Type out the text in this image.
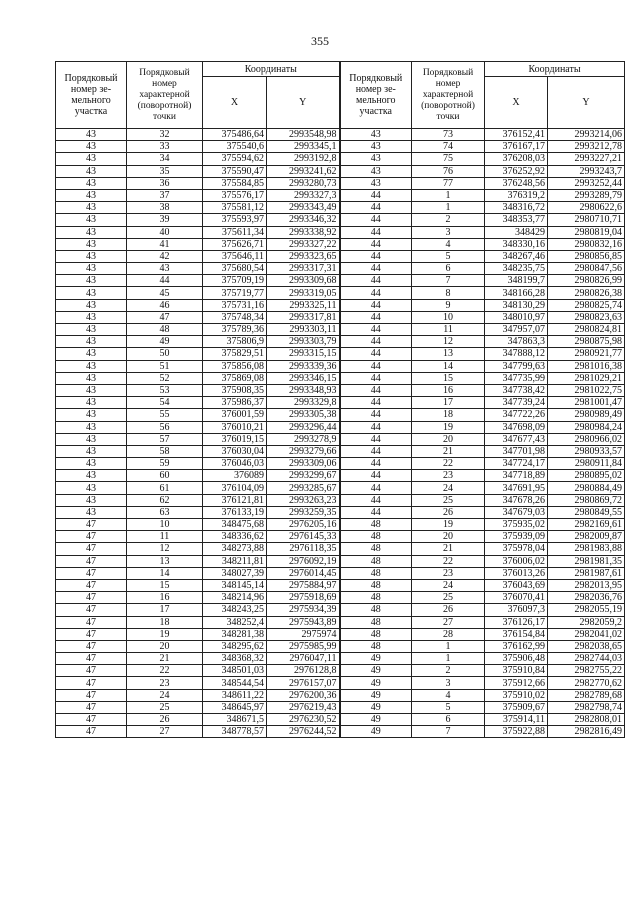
355
Порядковый
номер зе-
мельного
участка	Порядковый
номер
характерной
(поворотной)
точки	Координаты		Порядковый
номер зе-
мельного
участка	Порядковый
номер
характерной
(поворотной)
точки	Координаты	
		X	Y			X	Y
43	32	375486,64	2993548,98	43	73	376152,41	2993214,06
43	33	375540,6	2993345,1	43	74	376167,17	2993212,78
43	34	375594,62	2993192,8	43	75	376208,03	2993227,21
43	35	375590,47	2993241,62	43	76	376252,92	2993243,7
43	36	375584,85	2993280,73	43	77	376248,56	2993252,44
43	37	375576,17	2993327,3	44	1	376319,2	2993289,79
43	38	375581,12	2993343,49	44	1	348316,72	2980622,6
43	39	375593,97	2993346,32	44	2	348353,77	2980710,71
43	40	375611,34	2993338,92	44	3	348429	2980819,04
43	41	375626,71	2993327,22	44	4	348330,16	2980832,16
43	42	375646,11	2993323,65	44	5	348267,46	2980856,85
43	43	375680,54	2993317,31	44	6	348235,75	2980847,56
43	44	375709,19	2993309,68	44	7	348199,7	2980826,99
43	45	375719,77	2993319,05	44	8	348166,28	2980826,38
43	46	375731,16	2993325,11	44	9	348130,29	2980825,74
43	47	375748,34	2993317,81	44	10	348010,97	2980823,63
43	48	375789,36	2993303,11	44	11	347957,07	2980824,81
43	49	375806,9	2993303,79	44	12	347863,3	2980875,98
43	50	375829,51	2993315,15	44	13	347888,12	2980921,77
43	51	375856,08	2993339,36	44	14	347799,63	2981016,38
43	52	375869,08	2993346,15	44	15	347735,99	2981029,21
43	53	375908,35	2993348,93	44	16	347738,42	2981022,75
43	54	375986,37	2993329,8	44	17	347739,24	2981001,47
43	55	376001,59	2993305,38	44	18	347722,26	2980989,49
43	56	376010,21	2993296,44	44	19	347698,09	2980984,24
43	57	376019,15	2993278,9	44	20	347677,43	2980966,02
43	58	376030,04	2993279,66	44	21	347701,98	2980933,57
43	59	376046,03	2993309,06	44	22	347724,17	2980911,84
43	60	376089	2993299,67	44	23	347718,89	2980895,02
43	61	376104,09	2993285,67	44	24	347691,95	2980884,49
43	62	376121,81	2993263,23	44	25	347678,26	2980869,72
43	63	376133,19	2993259,35	44	26	347679,03	2980849,55
47	10	348475,68	2976205,16	48	19	375935,02	2982169,61
47	11	348336,62	2976145,33	48	20	375939,09	2982009,87
47	12	348273,88	2976118,35	48	21	375978,04	2981983,88
47	13	348211,81	2976092,19	48	22	376006,02	2981981,35
47	14	348027,39	2976014,45	48	23	376013,26	2981987,61
47	15	348145,14	2975884,97	48	24	376043,69	2982013,95
47	16	348214,96	2975918,69	48	25	376070,41	2982036,76
47	17	348243,25	2975934,39	48	26	376097,3	2982055,19
47	18	348252,4	2975943,89	48	27	376126,17	2982059,2
47	19	348281,38	2975974	48	28	376154,84	2982041,02
47	20	348295,62	2975985,99	48	1	376162,99	2982038,65
47	21	348368,32	2976047,11	49	1	375906,48	2982744,03
47	22	348501,03	2976128,8	49	2	375910,84	2982755,22
47	23	348544,54	2976157,07	49	3	375912,66	2982770,62
47	24	348611,22	2976200,36	49	4	375910,02	2982789,68
47	25	348645,97	2976219,43	49	5	375909,67	2982798,74
47	26	348671,5	2976230,52	49	6	375914,11	2982808,01
47	27	348778,57	2976244,52	49	7	375922,88	2982816,49
